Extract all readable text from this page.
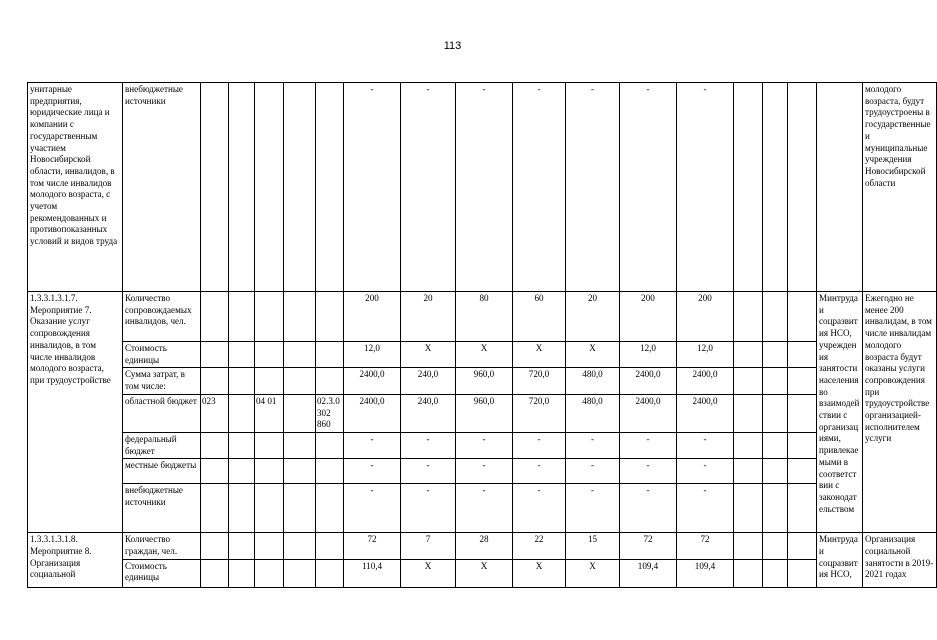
113
унитарные предприятия, юридические лица и компании с государственным участием Новосибирской области, инвалидов, в том числе инвалидов молодого возраста, с учетом рекомендованных и противопоказанных условий и видов труда	внебюджетные источники						-	-	-	-	-	-	-					молодого возраста, будут трудоустроены в государственные и муниципальные учреждения Новосибирской области
1.3.3.1.3.1.7. Мероприятие 7. Оказание услуг сопровождения инвалидов, в том числе инвалидов молодого возраста, при трудоустройстве	Количество сопровождаемых инвалидов, чел.						200	20	80	60	20	200	200				Минтруда и соцразвития НСО, учреждения занятости населения во взаимодействии с организациями, привлекаемыми в соответствии с законодательством	Ежегодно не менее 200 инвалидам, в том числе инвалидам молодого возраста будут оказаны услуги сопровождения при трудоустройстве организацией-исполнителем услуги
	Стоимость единицы						12,0	Х	Х	Х	Х	12,0	12,0					
	Сумма затрат, в том числе:						2400,0	240,0	960,0	720,0	480,0	2400,0	2400,0					
	областной бюджет	023		04 01		02.3.0302 860	2400,0	240,0	960,0	720,0	480,0	2400,0	2400,0					
	федеральный бюджет						-	-	-	-	-	-	-					
	местные бюджеты						-	-	-	-	-	-	-					
	внебюджетные источники						-	-	-	-	-	-	-					
1.3.3.1.3.1.8. Мероприятие 8. Организация социальной	Количество граждан, чел.						72	7	28	22	15	72	72				Минтруда и соцразвития НСО,	Организация социальной занятости в 2019-2021 годах
	Стоимость единицы						110,4	Х	Х	Х	Х	109,4	109,4					
